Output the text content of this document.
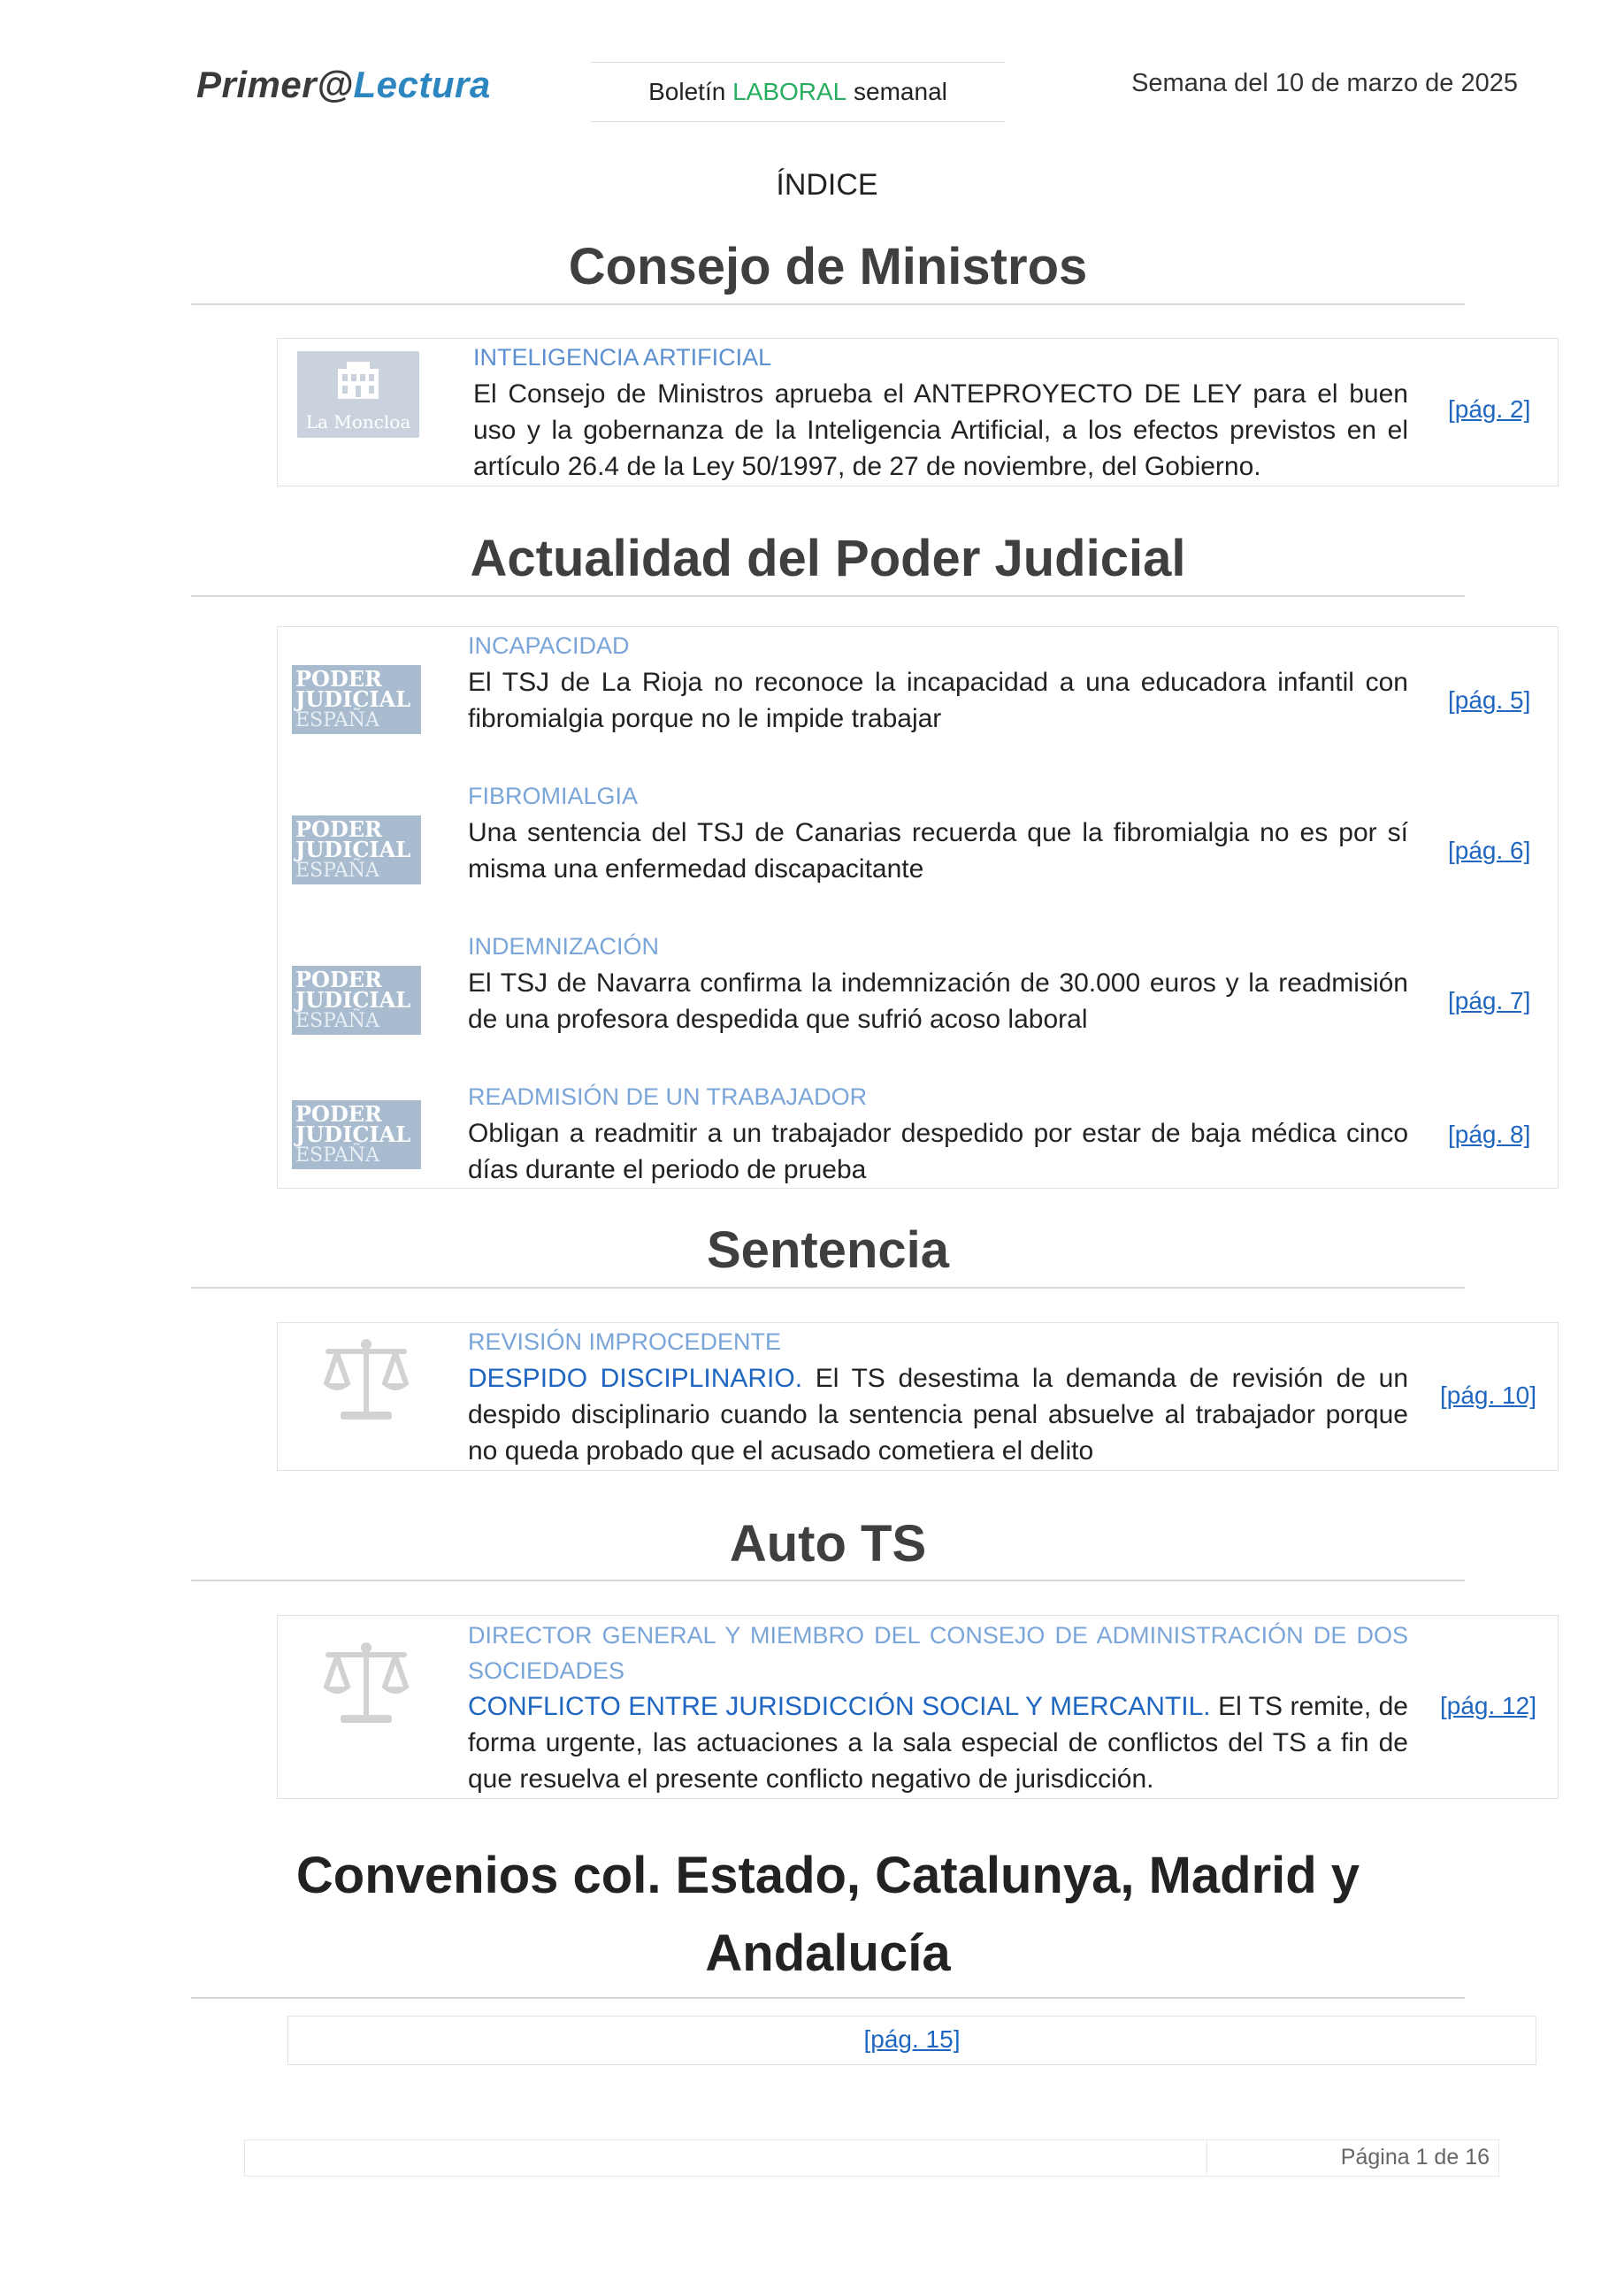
Primer@Lectura	Boletín LABORAL semanal	Semana del 10 de marzo de 2025
ÍNDICE
Consejo de Ministros
La Moncloa
INTELIGENCIA ARTIFICIAL
El Consejo de Ministros aprueba el ANTEPROYECTO DE LEY para el buen uso y la gobernanza de la Inteligencia Artificial, a los efectos previstos en el artículo 26.4 de la Ley 50/1997, de 27 de noviembre, del Gobierno.
[pág. 2]
Actualidad del Poder Judicial
PODER
JUDICIAL
ESPAÑA
INCAPACIDAD
El TSJ de La Rioja no reconoce la incapacidad a una educadora infantil con fibromialgia porque no le impide trabajar
[pág. 5]
PODER
JUDICIAL
ESPAÑA
FIBROMIALGIA
Una sentencia del TSJ de Canarias recuerda que la fibromialgia no es por sí misma una enfermedad discapacitante
[pág. 6]
PODER
JUDICIAL
ESPAÑA
INDEMNIZACIÓN
El TSJ de Navarra confirma la indemnización de 30.000 euros y la readmisión de una profesora despedida que sufrió acoso laboral
[pág. 7]
PODER
JUDICIAL
ESPAÑA
READMISIÓN DE UN TRABAJADOR
Obligan a readmitir a un trabajador despedido por estar de baja médica cinco días durante el periodo de prueba
[pág. 8]
Sentencia
REVISIÓN IMPROCEDENTE
DESPIDO DISCIPLINARIO. El TS desestima la demanda de revisión de un despido disciplinario cuando la sentencia penal absuelve al trabajador porque no queda probado que el acusado cometiera el delito
[pág. 10]
Auto TS
DIRECTOR GENERAL Y MIEMBRO DEL CONSEJO DE ADMINISTRACIÓN DE DOS SOCIEDADES
CONFLICTO ENTRE JURISDICCIÓN SOCIAL Y MERCANTIL. El TS remite, de forma urgente, las actuaciones a la sala especial de conflictos del TS a fin de que resuelva el presente conflicto negativo de jurisdicción.
[pág. 12]
Convenios col. Estado, Catalunya, Madrid y
Andalucía
[pág. 15]
Página 1 de 16
